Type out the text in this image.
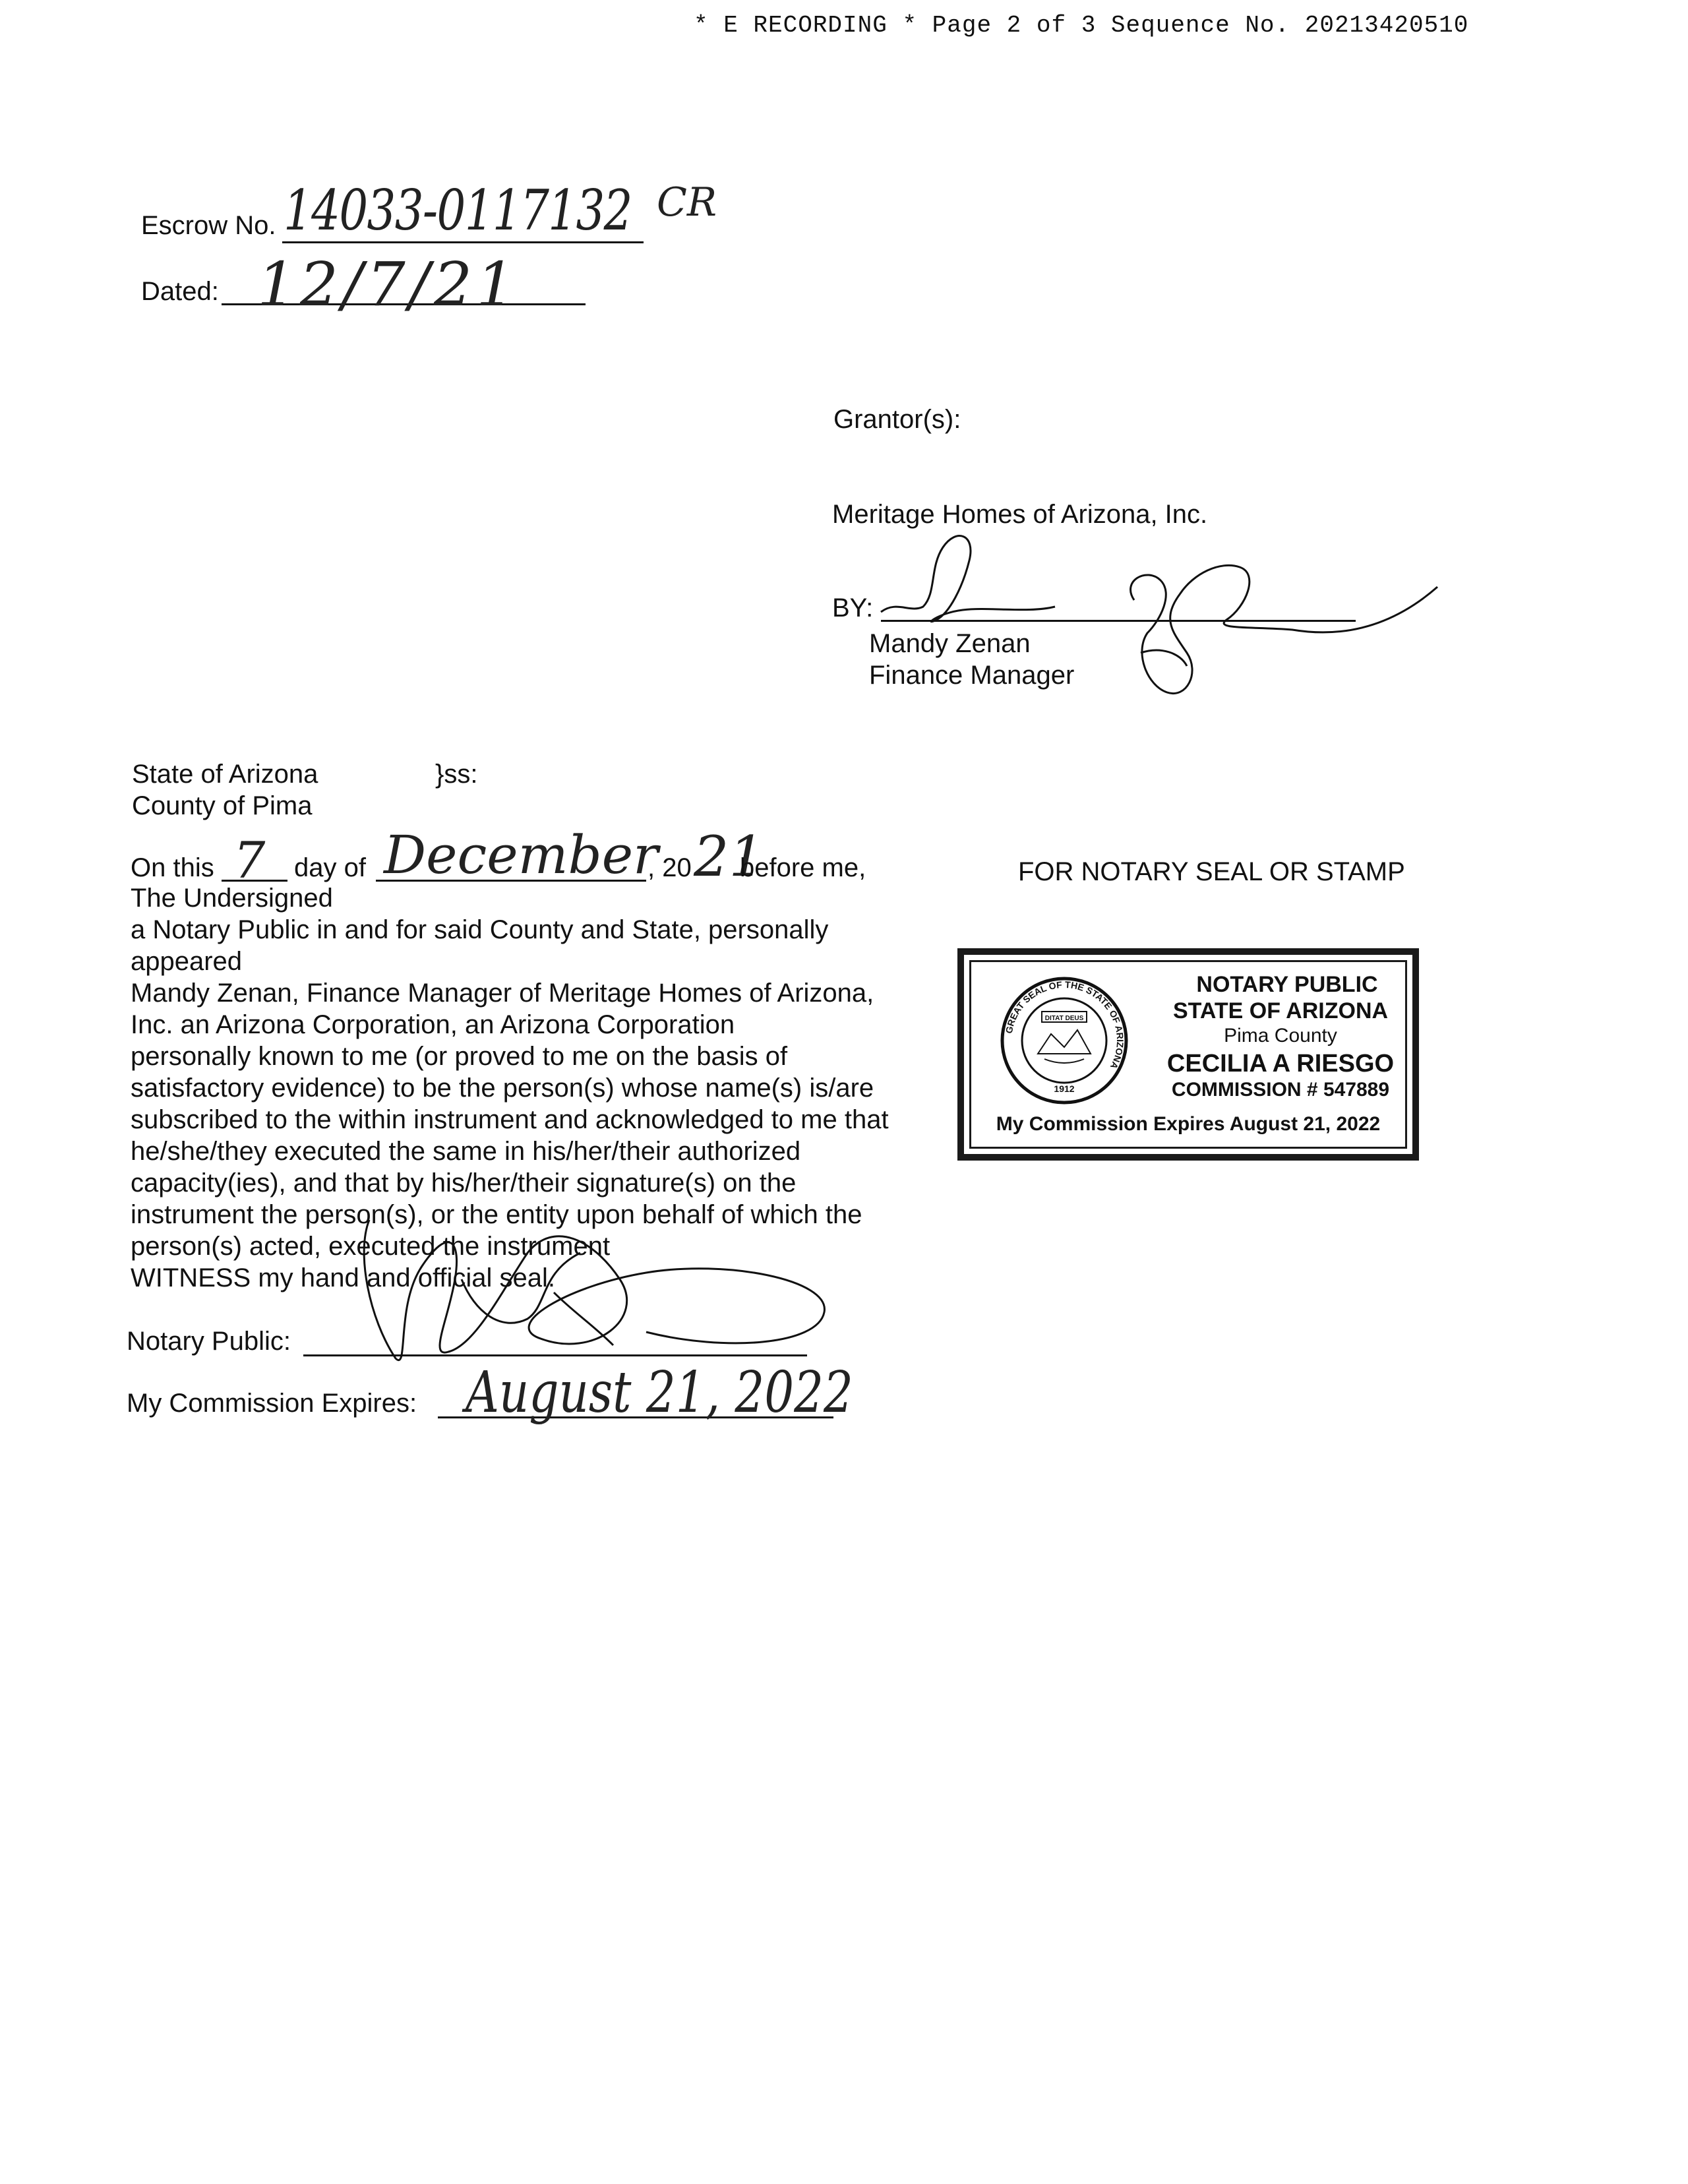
* E RECORDING * Page 2 of 3 Sequence No. 20213420510
Escrow No. 14033-0117132 CR
Dated: 12/7/21
Grantor(s):
Meritage Homes of Arizona, Inc.
BY:
Mandy Zenan
Finance Manager
State of Arizona	}ss:
County of Pima
On this 7 day of December
, 20 21
before me,
The Undersigned
a Notary Public in and for said County and State, personally
appeared
Mandy Zenan, Finance Manager of Meritage Homes of Arizona,
Inc. an Arizona Corporation, an Arizona Corporation
personally known to me (or proved to me on the basis of
satisfactory evidence) to be the person(s) whose name(s) is/are
subscribed to the within instrument and acknowledged to me that
he/she/they executed the same in his/her/their authorized
capacity(ies), and that by his/her/their signature(s) on the
instrument the person(s), or the entity upon behalf of which the
person(s) acted, executed the instrument
WITNESS my hand and official seal.
Notary Public:
My Commission Expires: August 21, 2022
FOR NOTARY SEAL OR STAMP
GREAT SEAL OF THE STATE OF ARIZONA
DITAT DEUS
1912
NOTARY PUBLIC
STATE OF ARIZONA
Pima County
CECILIA A RIESGO
COMMISSION # 547889
My Commission Expires August 21, 2022
